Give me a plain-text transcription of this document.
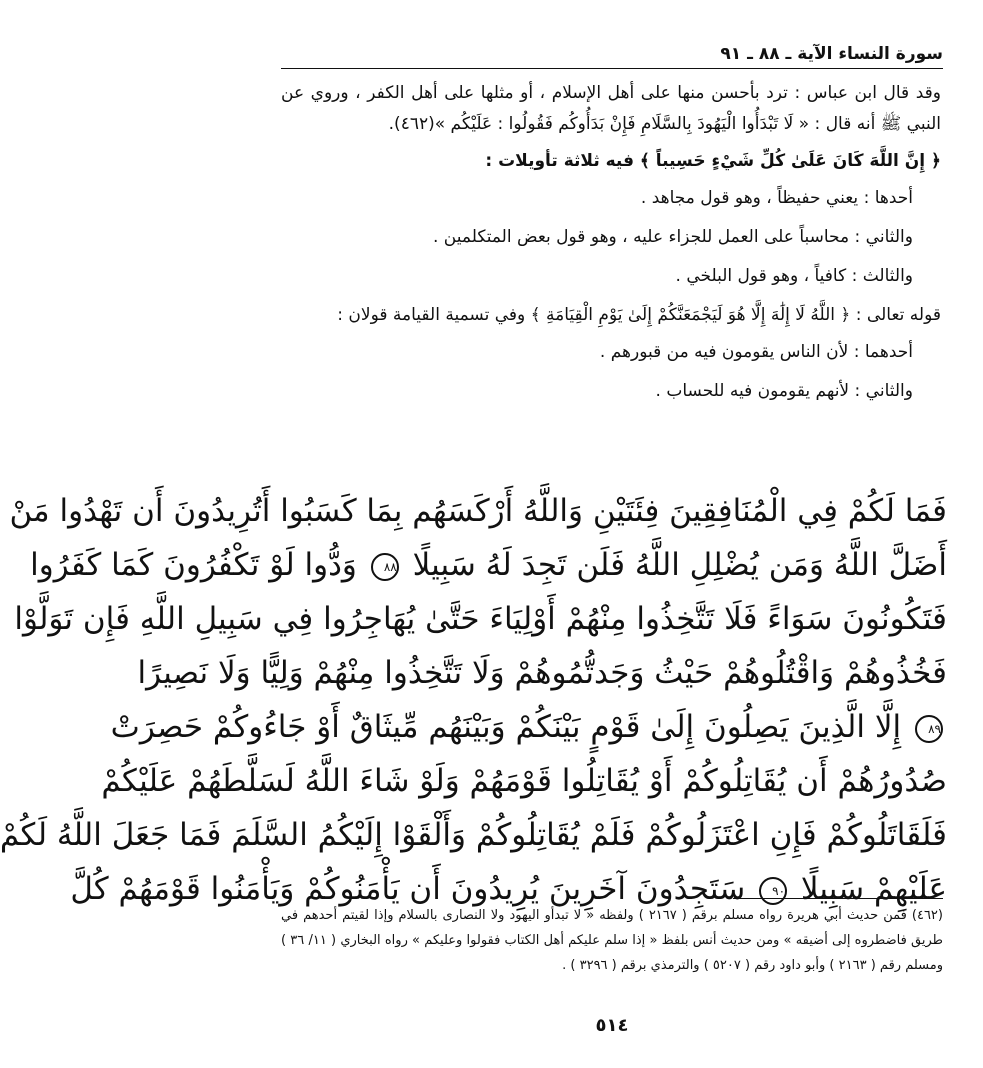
سورة النساء الآية ـ ٨٨ ـ ٩١

وقد قال ابن عباس : ترد بأحسن منها على أهل الإسلام ، أو مثلها على أهل الكفر ، وروي عن النبي ﷺ أنه قال : « لَا تَبْدَأُوا الْيَهُودَ بِالسَّلَامِ فَإِنْ بَدَأُوكُم فَقُولُوا : عَلَيْكُم »(٤٦٢).

﴿ إِنَّ اللَّهَ كَانَ عَلَىٰ كُلِّ شَيْءٍ حَسِيباً ﴾ فيه ثلاثة تأويلات :

أحدها : يعني حفيظاً ، وهو قول مجاهد .

والثاني : محاسباً على العمل للجزاء عليه ، وهو قول بعض المتكلمين .

والثالث : كافياً ، وهو قول البلخي .

قوله تعالى : ﴿ اللَّهُ لَا إِلَٰهَ إِلَّا هُوَ لَيَجْمَعَنَّكُمْ إِلَىٰ يَوْمِ الْقِيَامَةِ ﴾ وفي تسمية القيامة قولان :

أحدهما : لأن الناس يقومون فيه من قبورهم .

والثاني : لأنهم يقومون فيه للحساب .

فَمَا لَكُمْ فِي الْمُنَافِقِينَ فِئَتَيْنِ وَاللَّهُ أَرْكَسَهُم بِمَا كَسَبُوا أَتُرِيدُونَ أَن تَهْدُوا مَنْ
أَضَلَّ اللَّهُ وَمَن يُضْلِلِ اللَّهُ فَلَن تَجِدَ لَهُ سَبِيلًا ٨٨ وَدُّوا لَوْ تَكْفُرُونَ كَمَا كَفَرُوا
فَتَكُونُونَ سَوَاءً فَلَا تَتَّخِذُوا مِنْهُمْ أَوْلِيَاءَ حَتَّىٰ يُهَاجِرُوا فِي سَبِيلِ اللَّهِ فَإِن تَوَلَّوْا
فَخُذُوهُمْ وَاقْتُلُوهُمْ حَيْثُ وَجَدتُّمُوهُمْ وَلَا تَتَّخِذُوا مِنْهُمْ وَلِيًّا وَلَا نَصِيرًا
٨٩ إِلَّا الَّذِينَ يَصِلُونَ إِلَىٰ قَوْمٍ بَيْنَكُمْ وَبَيْنَهُم مِّيثَاقٌ أَوْ جَاءُوكُمْ حَصِرَتْ
صُدُورُهُمْ أَن يُقَاتِلُوكُمْ أَوْ يُقَاتِلُوا قَوْمَهُمْ وَلَوْ شَاءَ اللَّهُ لَسَلَّطَهُمْ عَلَيْكُمْ
فَلَقَاتَلُوكُمْ فَإِنِ اعْتَزَلُوكُمْ فَلَمْ يُقَاتِلُوكُمْ وَأَلْقَوْا إِلَيْكُمُ السَّلَمَ فَمَا جَعَلَ اللَّهُ لَكُمْ
عَلَيْهِمْ سَبِيلًا ٩٠ سَتَجِدُونَ آخَرِينَ يُرِيدُونَ أَن يَأْمَنُوكُمْ وَيَأْمَنُوا قَوْمَهُمْ كُلَّ

(٤٦٢) فمن حديث أبي هريرة رواه مسلم برقم ( ٢١٦٧ ) ولفظه « لا تبدأو اليهود ولا النصارى بالسلام وإذا لقيتم أحدهم في طريق فاضطروه إلى أضيقه » ومن حديث أنس بلفظ « إذا سلم عليكم أهل الكتاب فقولوا وعليكم » رواه البخاري ( ١١/ ٣٦ ) ومسلم رقم ( ٢١٦٣ ) وأبو داود رقم ( ٥٢٠٧ ) والترمذي برقم ( ٣٢٩٦ ) .

٥١٤
